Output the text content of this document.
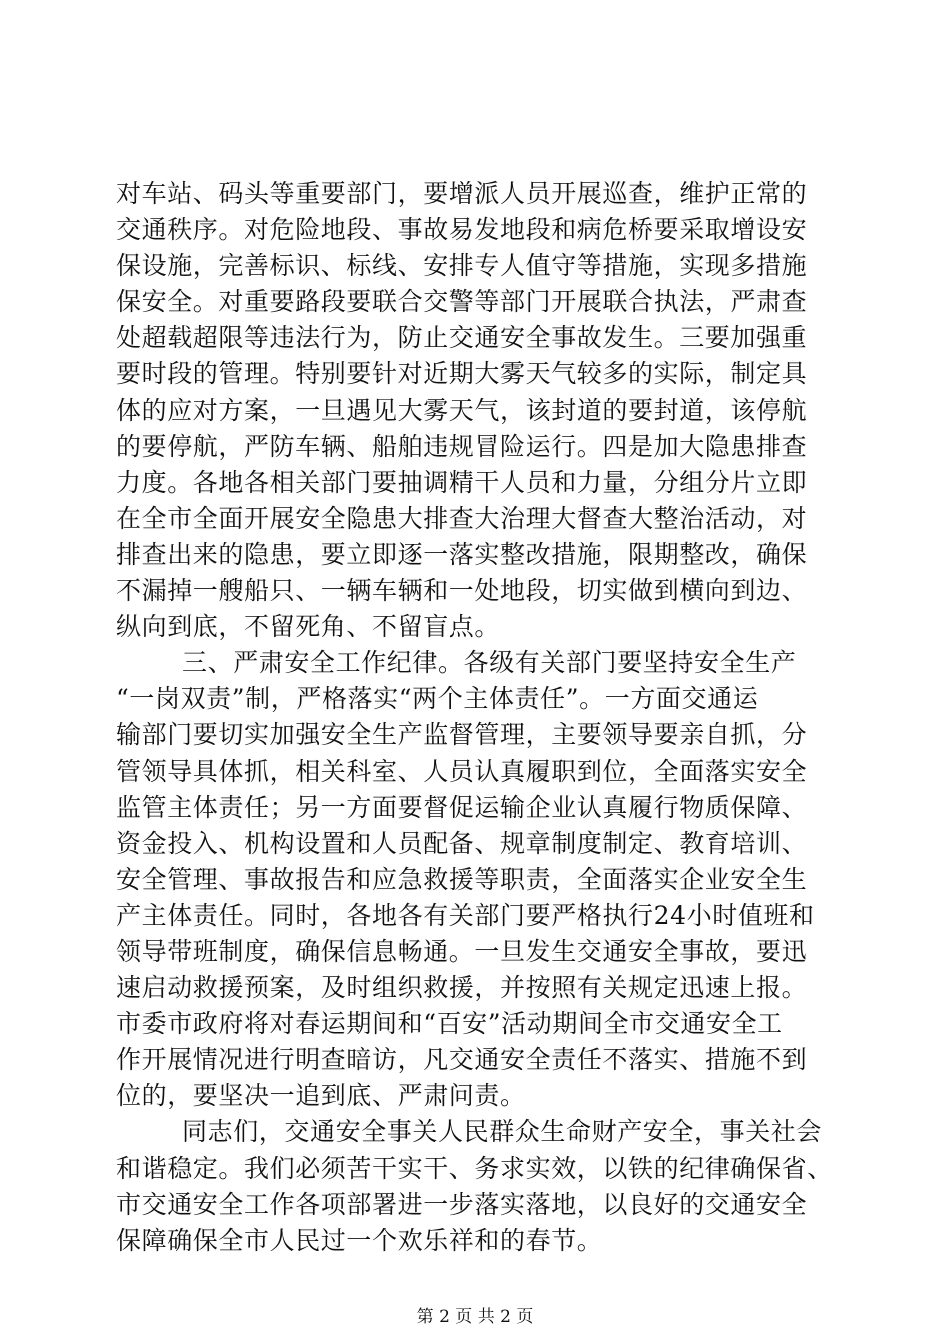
对车站、码头等重要部门，要增派人员开展巡查，维护正常的
交通秩序。对危险地段、事故易发地段和病危桥要采取增设安
保设施，完善标识、标线、安排专人值守等措施，实现多措施
保安全。对重要路段要联合交警等部门开展联合执法，严肃查
处超载超限等违法行为，防止交通安全事故发生。三要加强重
要时段的管理。特别要针对近期大雾天气较多的实际，制定具
体的应对方案，一旦遇见大雾天气，该封道的要封道，该停航
的要停航，严防车辆、船舶违规冒险运行。四是加大隐患排查
力度。各地各相关部门要抽调精干人员和力量，分组分片立即
在全市全面开展安全隐患大排查大治理大督查大整治活动，对
排查出来的隐患，要立即逐一落实整改措施，限期整改，确保
不漏掉一艘船只、一辆车辆和一处地段，切实做到横向到边、
纵向到底，不留死角、不留盲点。
三、严肃安全工作纪律。各级有关部门要坚持安全生产
“一岗双责”制，严格落实“两个主体责任”。一方面交通运
输部门要切实加强安全生产监督管理，主要领导要亲自抓，分
管领导具体抓，相关科室、人员认真履职到位，全面落实安全
监管主体责任；另一方面要督促运输企业认真履行物质保障、
资金投入、机构设置和人员配备、规章制度制定、教育培训、
安全管理、事故报告和应急救援等职责，全面落实企业安全生
产主体责任。同时，各地各有关部门要严格执行24小时值班和
领导带班制度，确保信息畅通。一旦发生交通安全事故，要迅
速启动救援预案，及时组织救援，并按照有关规定迅速上报。
市委市政府将对春运期间和“百安”活动期间全市交通安全工
作开展情况进行明查暗访，凡交通安全责任不落实、措施不到
位的，要坚决一追到底、严肃问责。
同志们，交通安全事关人民群众生命财产安全，事关社会
和谐稳定。我们必须苦干实干、务求实效，以铁的纪律确保省、
市交通安全工作各项部署进一步落实落地，以良好的交通安全
保障确保全市人民过一个欢乐祥和的春节。
第 2 页 共 2 页
